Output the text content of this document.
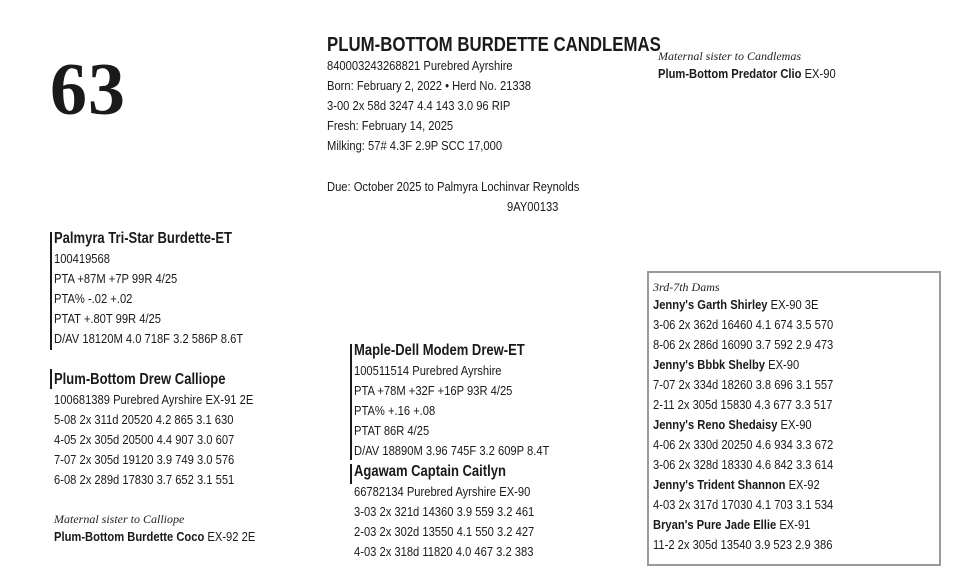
63
PLUM-BOTTOM BURDETTE CANDLEMAS
840003243268821 Purebred Ayrshire
Born: February 2, 2022 • Herd No. 21338
3-00 2x 58d 3247 4.4 143 3.0 96 RIP
Fresh: February 14, 2025
Milking: 57# 4.3F 2.9P SCC 17,000
Due: October 2025 to Palmyra Lochinvar Reynolds
9AY00133
Maternal sister to Candlemas
Plum-Bottom Predator Clio EX-90
Palmyra Tri-Star Burdette-ET
100419568
PTA +87M +7P 99R 4/25
PTA% -.02 +.02
PTAT +.80T 99R 4/25
D/AV 18120M 4.0 718F 3.2 586P 8.6T
Plum-Bottom Drew Calliope
100681389 Purebred Ayrshire EX-91 2E
5-08 2x 311d 20520 4.2 865 3.1 630
4-05 2x 305d 20500 4.4 907 3.0 607
7-07 2x 305d 19120 3.9 749 3.0 576
6-08 2x 289d 17830 3.7 652 3.1 551
Maternal sister to Calliope
Plum-Bottom Burdette Coco EX-92 2E
Maple-Dell Modem Drew-ET
100511514 Purebred Ayrshire
PTA +78M +32F +16P 93R 4/25
PTA% +.16 +.08
PTAT 86R 4/25
D/AV 18890M 3.96 745F 3.2 609P 8.4T
Agawam Captain Caitlyn
66782134 Purebred Ayrshire EX-90
3-03 2x 321d 14360 3.9 559 3.2 461
2-03 2x 302d 13550 4.1 550 3.2 427
4-03 2x 318d 11820 4.0 467 3.2 383
3rd-7th Dams
Jenny's Garth Shirley EX-90 3E
3-06 2x 362d 16460 4.1 674 3.5 570
8-06 2x 286d 16090 3.7 592 2.9 473
Jenny's Bbbk Shelby EX-90
7-07 2x 334d 18260 3.8 696 3.1 557
2-11 2x 305d 15830 4.3 677 3.3 517
Jenny's Reno Shedaisy EX-90
4-06 2x 330d 20250 4.6 934 3.3 672
3-06 2x 328d 18330 4.6 842 3.3 614
Jenny's Trident Shannon EX-92
4-03 2x 317d 17030 4.1 703 3.1 534
Bryan's Pure Jade Ellie EX-91
11-2 2x 305d 13540 3.9 523 2.9 386
